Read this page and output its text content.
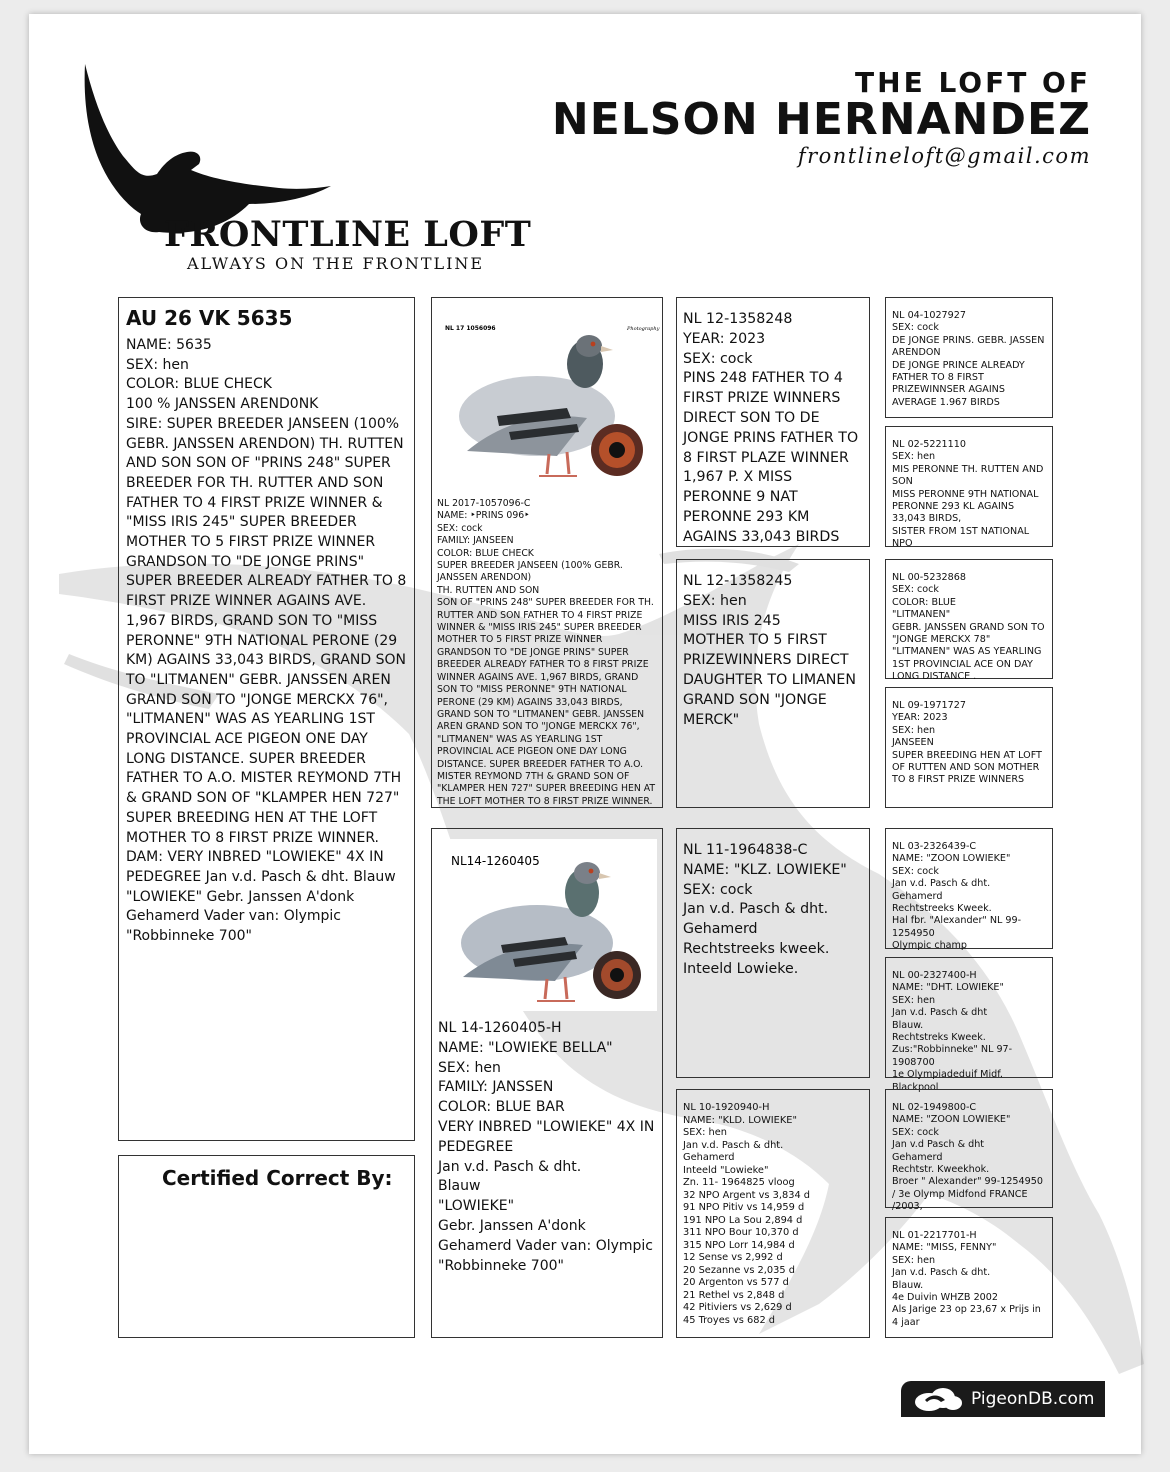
FRONTLINE LOFT
ALWAYS ON THE FRONTLINE
THE LOFT OF
NELSON HERNANDEZ
frontlineloft@gmail.com
AU 26 VK 5635
NAME: 5635
SEX: hen
COLOR: BLUE CHECK
100 % JANSSEN AREND0NK
SIRE: SUPER BREEDER JANSEEN (100% GEBR. JANSSEN ARENDON) TH. RUTTEN AND SON SON OF "PRINS 248" SUPER BREEDER FOR TH. RUTTER AND SON FATHER TO 4 FIRST PRIZE WINNER & "MISS IRIS 245" SUPER BREEDER MOTHER TO 5 FIRST PRIZE WINNER GRANDSON TO "DE JONGE PRINS" SUPER BREEDER ALREADY FATHER TO 8 FIRST PRIZE WINNER AGAINS AVE. 1,967 BIRDS, GRAND SON TO "MISS PERONNE" 9TH NATIONAL PERONE (29 KM) AGAINS 33,043 BIRDS, GRAND SON TO "LITMANEN" GEBR. JANSSEN AREN GRAND SON TO "JONGE MERCKX 76", "LITMANEN" WAS AS YEARLING 1ST PROVINCIAL ACE PIGEON ONE DAY LONG DISTANCE. SUPER BREEDER FATHER TO A.O. MISTER REYMOND 7TH & GRAND SON OF "KLAMPER HEN 727" SUPER BREEDING HEN AT THE LOFT MOTHER TO 8 FIRST PRIZE WINNER.
DAM: VERY INBRED "LOWIEKE" 4X IN PEDEGREE Jan v.d. Pasch & dht. Blauw "LOWIEKE" Gebr. Janssen A'donk Gehamerd Vader van: Olympic "Robbinneke 700"
Certified Correct By:
NL 17 1056096	Photography
NL 2017-1057096-C
NAME: ‣PRINS 096‣
SEX: cock
FAMILY: JANSEEN
COLOR: BLUE CHECK
SUPER BREEDER JANSEEN (100% GEBR. JANSSEN ARENDON)
TH. RUTTEN AND SON
SON OF "PRINS 248" SUPER BREEDER FOR TH. RUTTER AND SON FATHER TO 4 FIRST PRIZE WINNER & "MISS IRIS 245" SUPER BREEDER MOTHER TO 5 FIRST PRIZE WINNER GRANDSON TO "DE JONGE PRINS" SUPER BREEDER ALREADY FATHER TO 8 FIRST PRIZE WINNER AGAINS AVE. 1,967 BIRDS, GRAND SON TO "MISS PERONNE" 9TH NATIONAL PERONE (29 KM) AGAINS 33,043 BIRDS, GRAND SON TO "LITMANEN" GEBR. JANSSEN AREN GRAND SON TO "JONGE MERCKX 76", "LITMANEN" WAS AS YEARLING 1ST PROVINCIAL ACE PIGEON ONE DAY LONG DISTANCE. SUPER BREEDER FATHER TO A.O. MISTER REYMOND 7TH & GRAND SON OF "KLAMPER HEN 727" SUPER BREEDING HEN AT THE LOFT MOTHER TO 8 FIRST PRIZE WINNER.
NL14-1260405
NL 14-1260405-H
NAME: "LOWIEKE BELLA"
SEX: hen
FAMILY: JANSSEN
COLOR: BLUE BAR
VERY INBRED "LOWIEKE" 4X IN PEDEGREE
Jan v.d. Pasch & dht.
Blauw
"LOWIEKE"
Gebr. Janssen A'donk
Gehamerd Vader van: Olympic "Robbinneke 700"
NL 12-1358248
YEAR: 2023
SEX: cock
PINS 248 FATHER TO 4 FIRST PRIZE WINNERS DIRECT SON TO DE JONGE PRINS FATHER TO 8 FIRST PLAZE WINNER 1,967 P. X MISS PERONNE 9 NAT PERONNE 293 KM AGAINS 33,043 BIRDS
NL 12-1358245
SEX: hen
MISS IRIS 245
MOTHER TO 5 FIRST PRIZEWINNERS DIRECT DAUGHTER TO LIMANEN GRAND SON "JONGE MERCK"
NL 11-1964838-C
NAME: "KLZ. LOWIEKE"
SEX: cock
Jan v.d. Pasch & dht.
Gehamerd
Rechtstreeks kweek.
Inteeld Lowieke.
NL 10-1920940-H
NAME: "KLD. LOWIEKE"
SEX: hen
Jan v.d. Pasch & dht.
Gehamerd
Inteeld "Lowieke"
Zn. 11- 1964825 vloog
32 NPO Argent vs 3,834 d
91 NPO Pitiv vs 14,959 d
191 NPO La Sou 2,894 d
311 NPO Bour 10,370 d
315 NPO Lorr 14,984 d
12 Sense vs 2,992 d
20 Sezanne vs 2,035 d
20 Argenton vs 577 d
21 Rethel vs 2,848 d
42 Pitiviers vs 2,629 d
45 Troyes vs 682 d
NL 04-1027927
SEX: cock
DE JONGE PRINS. GEBR. JASSEN ARENDON
DE JONGE PRINCE ALREADY FATHER TO 8 FIRST PRIZEWINNSER AGAINS AVERAGE 1.967 BIRDS
NL 02-5221110
SEX: hen
MIS PERONNE TH. RUTTEN AND SON
MISS PERONNE 9TH NATIONAL PERONNE 293 KL AGAINS 33,043 BIRDS,
SISTER FROM 1ST NATIONAL NPO
NL 00-5232868
SEX: cock
COLOR: BLUE
"LITMANEN"
GEBR. JANSSEN GRAND SON TO "JONGE MERCKX 78" "LITMANEN" WAS AS YEARLING 1ST PROVINCIAL ACE ON DAY LONG DISTANCE .
NL 09-1971727
YEAR: 2023
SEX: hen
JANSEEN
SUPER BREEDING HEN AT LOFT OF RUTTEN AND SON MOTHER TO 8 FIRST PRIZE WINNERS
NL 03-2326439-C
NAME: "ZOON LOWIEKE"
SEX: cock
Jan v.d. Pasch & dht.
Gehamerd
Rechtstreeks Kweek.
Hal fbr. "Alexander" NL 99-1254950
Olympic champ
NL 00-2327400-H
NAME: "DHT. LOWIEKE"
SEX: hen
Jan v.d. Pasch & dht
Blauw.
Rechtstreks Kweek.
Zus:"Robbinneke" NL 97-1908700
1e Olympiadeduif Midf. Blackpool
NL 02-1949800-C
NAME: "ZOON LOWIEKE"
SEX: cock
Jan v.d Pasch & dht
Gehamerd
Rechtstr. Kweekhok.
Broer " Alexander" 99-1254950 / 3e Olymp Midfond FRANCE /2003,
NL 01-2217701-H
NAME: "MISS, FENNY"
SEX: hen
Jan v.d. Pasch & dht.
Blauw.
4e Duivin WHZB 2002
Als Jarige 23 op 23,67 x Prijs in 4 jaar
PigeonDB.com
